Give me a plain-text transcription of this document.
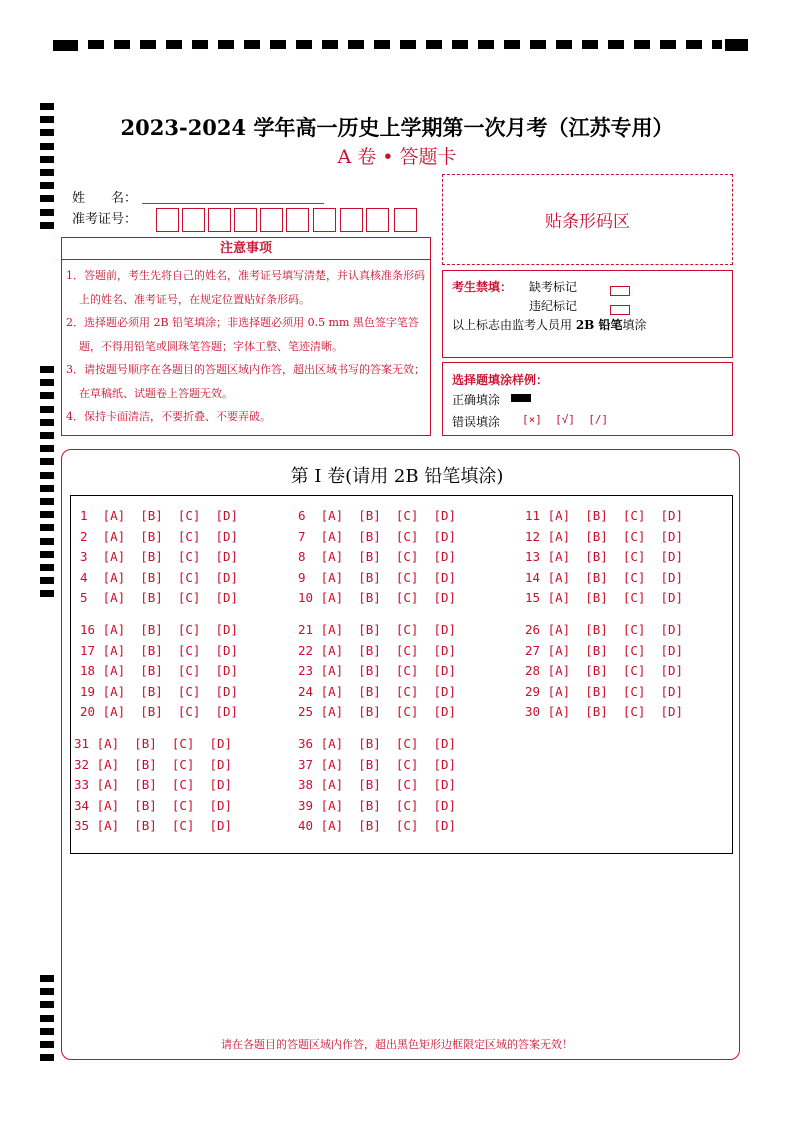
2023-2024 学年高一历史上学期第一次月考（江苏专用）
A 卷 • 答题卡
姓　　名：
准考证号：	贴条形码区
注意事项
1．答题前，考生先将自己的姓名，准考证号填写清楚，并认真核准条形码上的姓名、准考证号，在规定位置贴好条形码。
2．选择题必须用 2B 铅笔填涂；非选择题必须用 0.5 mm 黑色签字笔答题，不得用铅笔或圆珠笔答题；字体工整、笔迹清晰。
3．请按题号顺序在各题目的答题区域内作答，超出区域书写的答案无效；在草稿纸、试题卷上答题无效。
4．保持卡面清洁，不要折叠、不要弄破。
考生禁填： 缺考标记
违纪标记
以上标志由监考人员用 2B 铅笔填涂
选择题填涂样例：
正确填涂
错误填涂 [×]  [√]  [/]
第 I 卷(请用 2B 铅笔填涂)
1  [A]  [B]  [C]  [D]
2  [A]  [B]  [C]  [D]
3  [A]  [B]  [C]  [D]
4  [A]  [B]  [C]  [D]
5  [A]  [B]  [C]  [D]
6  [A]  [B]  [C]  [D]
7  [A]  [B]  [C]  [D]
8  [A]  [B]  [C]  [D]
9  [A]  [B]  [C]  [D]
10 [A]  [B]  [C]  [D]
11 [A]  [B]  [C]  [D]
12 [A]  [B]  [C]  [D]
13 [A]  [B]  [C]  [D]
14 [A]  [B]  [C]  [D]
15 [A]  [B]  [C]  [D]
16 [A]  [B]  [C]  [D]
17 [A]  [B]  [C]  [D]
18 [A]  [B]  [C]  [D]
19 [A]  [B]  [C]  [D]
20 [A]  [B]  [C]  [D]
21 [A]  [B]  [C]  [D]
22 [A]  [B]  [C]  [D]
23 [A]  [B]  [C]  [D]
24 [A]  [B]  [C]  [D]
25 [A]  [B]  [C]  [D]
26 [A]  [B]  [C]  [D]
27 [A]  [B]  [C]  [D]
28 [A]  [B]  [C]  [D]
29 [A]  [B]  [C]  [D]
30 [A]  [B]  [C]  [D]
31 [A]  [B]  [C]  [D]
32 [A]  [B]  [C]  [D]
33 [A]  [B]  [C]  [D]
34 [A]  [B]  [C]  [D]
35 [A]  [B]  [C]  [D]
36 [A]  [B]  [C]  [D]
37 [A]  [B]  [C]  [D]
38 [A]  [B]  [C]  [D]
39 [A]  [B]  [C]  [D]
40 [A]  [B]  [C]  [D]
请在各题目的答题区域内作答，超出黑色矩形边框限定区域的答案无效！
